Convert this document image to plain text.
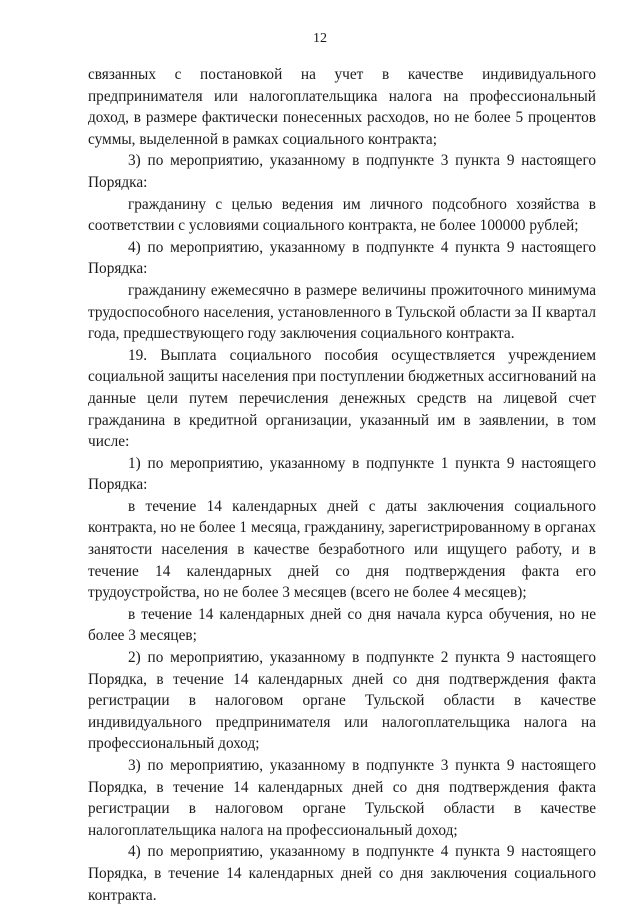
12

связанных с постановкой на учет в качестве индивидуального предпринимателя или налогоплательщика налога на профессиональный доход, в размере фактически понесенных расходов, но не более 5 процентов суммы, выделенной в рамках социального контракта;

3) по мероприятию, указанному в подпункте 3 пункта 9 настоящего Порядка:

гражданину с целью ведения им личного подсобного хозяйства в соответствии с условиями социального контракта, не более 100000 рублей;

4) по мероприятию, указанному в подпункте 4 пункта 9 настоящего Порядка:

гражданину ежемесячно в размере величины прожиточного минимума трудоспособного населения, установленного в Тульской области за II квартал года, предшествующего году заключения социального контракта.

19. Выплата социального пособия осуществляется учреждением социальной защиты населения при поступлении бюджетных ассигнований на данные цели путем перечисления денежных средств на лицевой счет гражданина в кредитной организации, указанный им в заявлении, в том числе:

1) по мероприятию, указанному в подпункте 1 пункта 9 настоящего Порядка:

в течение 14 календарных дней с даты заключения социального контракта, но не более 1 месяца, гражданину, зарегистрированному в органах занятости населения в качестве безработного или ищущего работу, и в течение 14 календарных дней со дня подтверждения факта его трудоустройства, но не более 3 месяцев (всего не более 4 месяцев);

в течение 14 календарных дней со дня начала курса обучения, но не более 3 месяцев;

2) по мероприятию, указанному в подпункте 2 пункта 9 настоящего Порядка, в течение 14 календарных дней со дня подтверждения факта регистрации в налоговом органе Тульской области в качестве индивидуального предпринимателя или налогоплательщика налога на профессиональный доход;

3) по мероприятию, указанному в подпункте 3 пункта 9 настоящего Порядка, в течение 14 календарных дней со дня подтверждения факта регистрации в налоговом органе Тульской области в качестве налогоплательщика налога на профессиональный доход;

4) по мероприятию, указанному в подпункте 4 пункта 9 настоящего Порядка, в течение 14 календарных дней со дня заключения социального контракта.
